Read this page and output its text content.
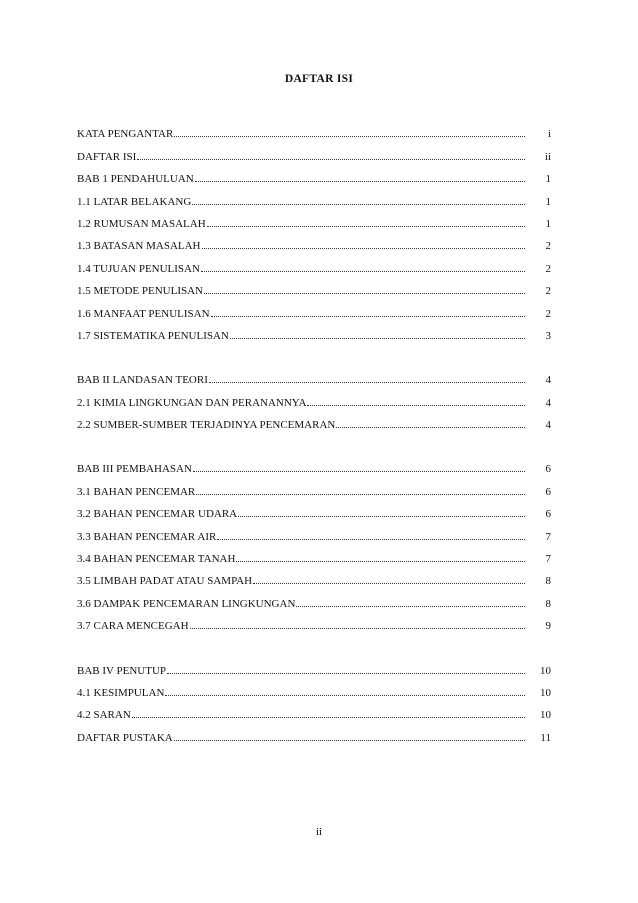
DAFTAR ISI
KATA PENGANTAR	i
DAFTAR ISI	ii
BAB 1 PENDAHULUAN	1
1.1 LATAR BELAKANG	1
1.2 RUMUSAN MASALAH	1
1.3 BATASAN MASALAH	2
1.4 TUJUAN PENULISAN	2
1.5 METODE PENULISAN	2
1.6 MANFAAT PENULISAN	2
1.7 SISTEMATIKA PENULISAN	3
BAB II LANDASAN TEORI	4
2.1 KIMIA LINGKUNGAN DAN PERANANNYA	4
2.2 SUMBER-SUMBER TERJADINYA PENCEMARAN	4
BAB III PEMBAHASAN	6
3.1 BAHAN PENCEMAR	6
3.2 BAHAN PENCEMAR UDARA	6
3.3 BAHAN PENCEMAR AIR	7
3.4 BAHAN PENCEMAR TANAH	7
3.5 LIMBAH PADAT ATAU SAMPAH	8
3.6 DAMPAK PENCEMARAN LINGKUNGAN	8
3.7 CARA MENCEGAH	9
BAB IV PENUTUP	10
4.1 KESIMPULAN	10
4.2 SARAN	10
DAFTAR PUSTAKA	11
ii
